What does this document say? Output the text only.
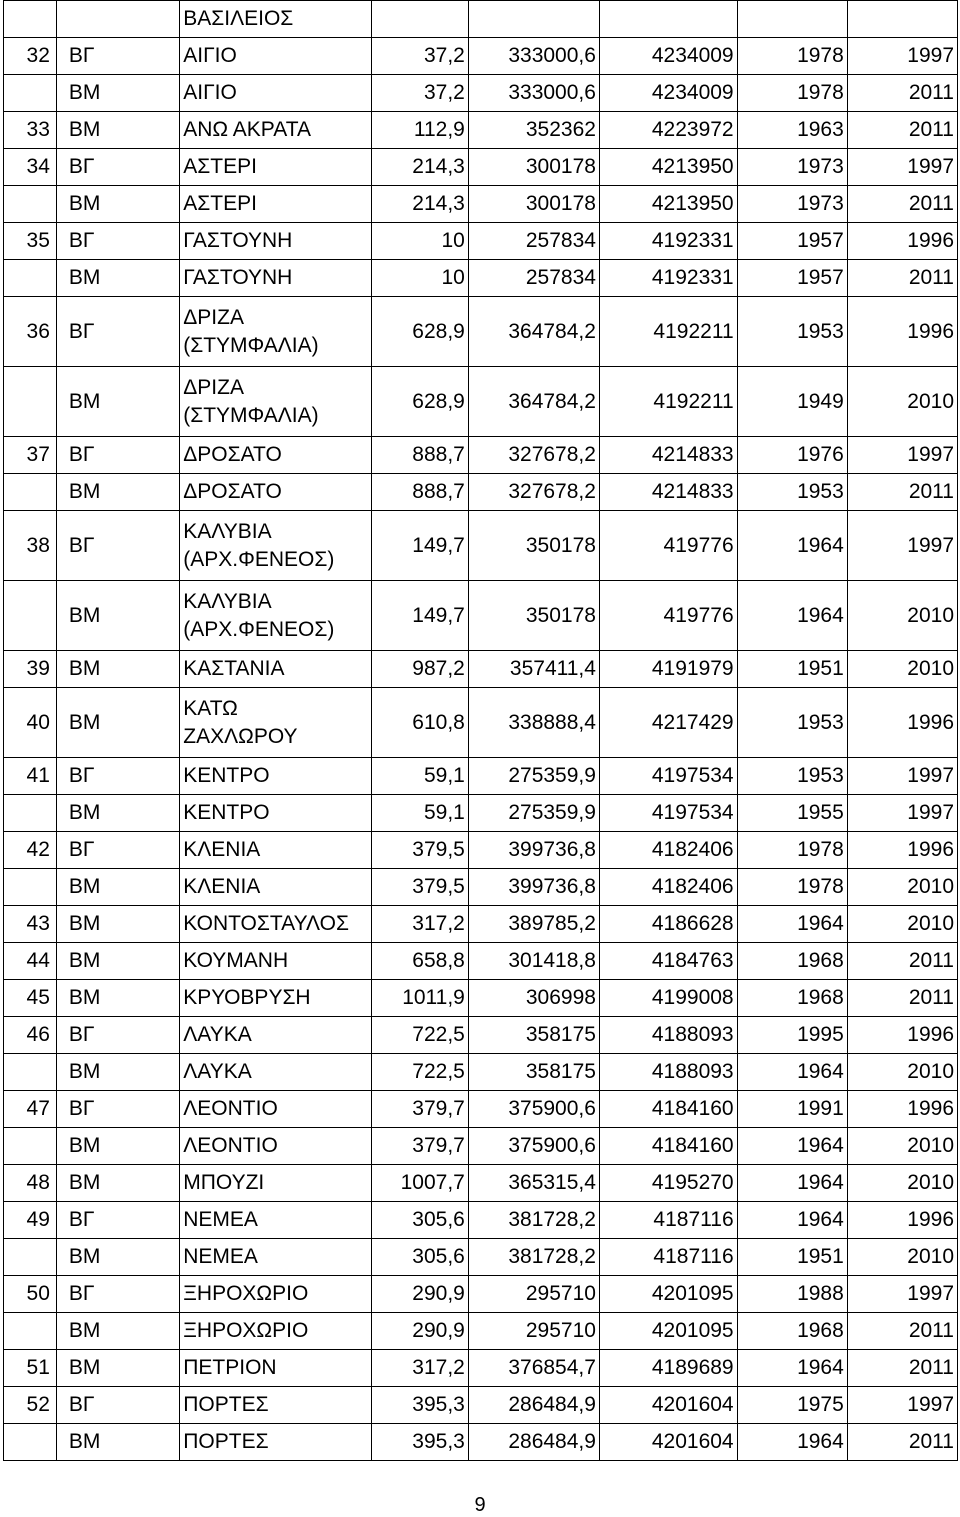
		ΒΑΣΙΛΕΙΟΣ					
32	ΒΓ	ΑΙΓΙΟ	37,2	333000,6	4234009	1978	1997
	ΒΜ	ΑΙΓΙΟ	37,2	333000,6	4234009	1978	2011
33	ΒΜ	ΑΝΩ ΑΚΡΑΤΑ	112,9	352362	4223972	1963	2011
34	ΒΓ	ΑΣΤΕΡΙ	214,3	300178	4213950	1973	1997
	ΒΜ	ΑΣΤΕΡΙ	214,3	300178	4213950	1973	2011
35	ΒΓ	ΓΑΣΤΟΥΝΗ	10	257834	4192331	1957	1996
	ΒΜ	ΓΑΣΤΟΥΝΗ	10	257834	4192331	1957	2011
36	ΒΓ	ΔΡΙΖΑ
(ΣΤΥΜΦΑΛΙΑ)	628,9	364784,2	4192211	1953	1996
	ΒΜ	ΔΡΙΖΑ
(ΣΤΥΜΦΑΛΙΑ)	628,9	364784,2	4192211	1949	2010
37	ΒΓ	ΔΡΟΣΑΤΟ	888,7	327678,2	4214833	1976	1997
	ΒΜ	ΔΡΟΣΑΤΟ	888,7	327678,2	4214833	1953	2011
38	ΒΓ	ΚΑΛΥΒΙΑ
(ΑΡΧ.ΦΕΝΕΟΣ)	149,7	350178	419776	1964	1997
	ΒΜ	ΚΑΛΥΒΙΑ
(ΑΡΧ.ΦΕΝΕΟΣ)	149,7	350178	419776	1964	2010
39	ΒΜ	ΚΑΣΤΑΝΙΑ	987,2	357411,4	4191979	1951	2010
40	ΒΜ	ΚΑΤΩ
ΖΑΧΛΩΡΟΥ	610,8	338888,4	4217429	1953	1996
41	ΒΓ	ΚΕΝΤΡΟ	59,1	275359,9	4197534	1953	1997
	ΒΜ	ΚΕΝΤΡΟ	59,1	275359,9	4197534	1955	1997
42	ΒΓ	ΚΛΕΝΙΑ	379,5	399736,8	4182406	1978	1996
	ΒΜ	ΚΛΕΝΙΑ	379,5	399736,8	4182406	1978	2010
43	ΒΜ	ΚΟΝΤΟΣΤΑΥΛΟΣ	317,2	389785,2	4186628	1964	2010
44	ΒΜ	ΚΟΥΜΑΝΗ	658,8	301418,8	4184763	1968	2011
45	ΒΜ	ΚΡΥΟΒΡΥΣΗ	1011,9	306998	4199008	1968	2011
46	ΒΓ	ΛΑΥΚΑ	722,5	358175	4188093	1995	1996
	ΒΜ	ΛΑΥΚΑ	722,5	358175	4188093	1964	2010
47	ΒΓ	ΛΕΟΝΤΙΟ	379,7	375900,6	4184160	1991	1996
	ΒΜ	ΛΕΟΝΤΙΟ	379,7	375900,6	4184160	1964	2010
48	ΒΜ	ΜΠΟΥΖΙ	1007,7	365315,4	4195270	1964	2010
49	ΒΓ	ΝΕΜΕΑ	305,6	381728,2	4187116	1964	1996
	ΒΜ	ΝΕΜΕΑ	305,6	381728,2	4187116	1951	2010
50	ΒΓ	ΞΗΡΟΧΩΡΙΟ	290,9	295710	4201095	1988	1997
	ΒΜ	ΞΗΡΟΧΩΡΙΟ	290,9	295710	4201095	1968	2011
51	ΒΜ	ΠΕΤΡΙΟΝ	317,2	376854,7	4189689	1964	2011
52	ΒΓ	ΠΟΡΤΕΣ	395,3	286484,9	4201604	1975	1997
	ΒΜ	ΠΟΡΤΕΣ	395,3	286484,9	4201604	1964	2011
9
